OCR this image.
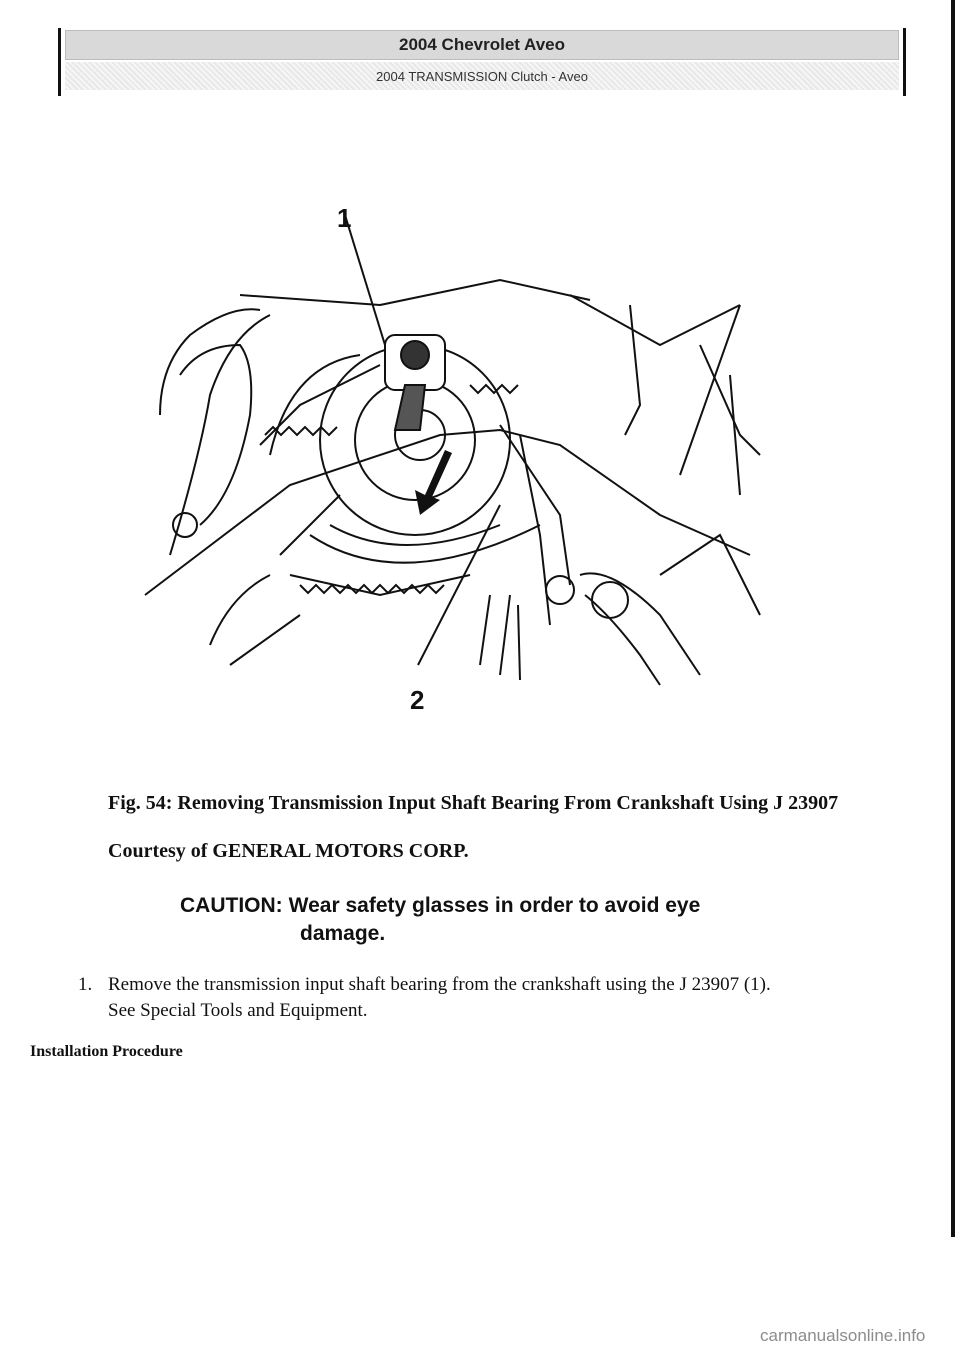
2004 Chevrolet Aveo
2004 TRANSMISSION Clutch - Aveo
1
2
Fig. 54: Removing Transmission Input Shaft Bearing From Crankshaft Using J 23907
Courtesy of GENERAL MOTORS CORP.
CAUTION: Wear safety glasses in order to avoid eye
damage.
1. Remove the transmission input shaft bearing from the crankshaft using the J 23907 (1).
See Special Tools and Equipment.
Installation Procedure
carmanualsonline.info
